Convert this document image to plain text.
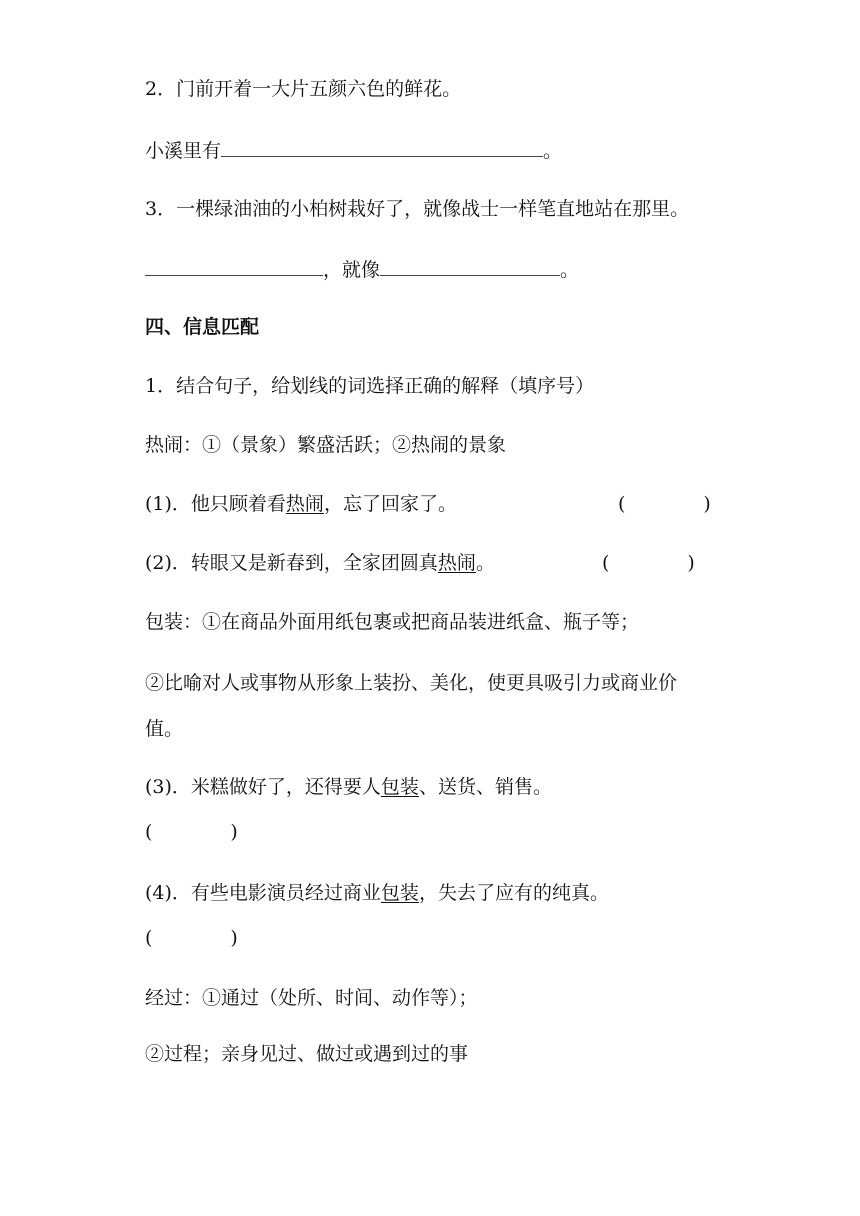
2．门前开着一大片五颜六色的鲜花。
小溪里有	。
3．一棵绿油油的小柏树栽好了，就像战士一样笔直地站在那里。
，就像	。
四、信息匹配
1．结合句子，给划线的词选择正确的解释（填序号）
热闹：①（景象）繁盛活跃；②热闹的景象
(1)．他只顾着看热闹，忘了回家了。	(	)
(2)．转眼又是新春到，全家团圆真热闹。	(	)
包装：①在商品外面用纸包裹或把商品装进纸盒、瓶子等；
②比喻对人或事物从形象上装扮、美化，使更具吸引力或商业价
值。
(3)．米糕做好了，还得要人包装、送货、销售。
(	)
(4)．有些电影演员经过商业包装，失去了应有的纯真。
(	)
经过：①通过（处所、时间、动作等）；
②过程；亲身见过、做过或遇到过的事
